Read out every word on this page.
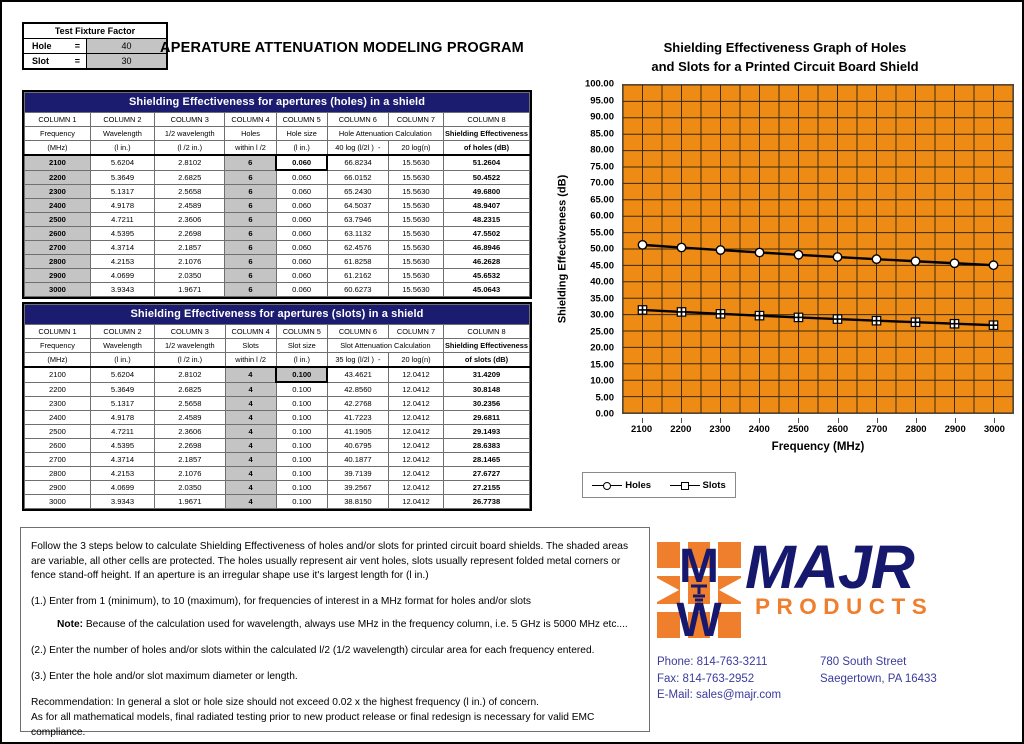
Test Fixture Factor
Hole	=	40
Slot	=	30
APERATURE ATTENUATION MODELING PROGRAM
Shielding Effectiveness for apertures (holes) in a shield							
COLUMN 1	COLUMN 2	COLUMN 3	COLUMN 4	COLUMN 5	COLUMN 6	COLUMN 7	COLUMN 8
Frequency	Wavelength	1/2 wavelength	Holes	Hole size	Hole Attenuation Calculation		Shielding Effectiveness
(MHz)	(l in.)	(l /2 in.)	within l /2	(l in.)	40 log (l/2l ) -	20 log(n)	of holes (dB)
2100	5.6204	2.8102	6	0.060	66.8234	15.5630	51.2604
2200	5.3649	2.6825	6	0.060	66.0152	15.5630	50.4522
2300	5.1317	2.5658	6	0.060	65.2430	15.5630	49.6800
2400	4.9178	2.4589	6	0.060	64.5037	15.5630	48.9407
2500	4.7211	2.3606	6	0.060	63.7946	15.5630	48.2315
2600	4.5395	2.2698	6	0.060	63.1132	15.5630	47.5502
2700	4.3714	2.1857	6	0.060	62.4576	15.5630	46.8946
2800	4.2153	2.1076	6	0.060	61.8258	15.5630	46.2628
2900	4.0699	2.0350	6	0.060	61.2162	15.5630	45.6532
3000	3.9343	1.9671	6	0.060	60.6273	15.5630	45.0643
Shielding Effectiveness for apertures (slots) in a shield							
COLUMN 1	COLUMN 2	COLUMN 3	COLUMN 4	COLUMN 5	COLUMN 6	COLUMN 7	COLUMN 8
Frequency	Wavelength	1/2 wavelength	Slots	Slot size	Slot Attenuation Calculation		Shielding Effectiveness
(MHz)	(l in.)	(l /2 in.)	within l /2	(l in.)	35 log (l/2l ) -	20 log(n)	of slots (dB)
2100	5.6204	2.8102	4	0.100	43.4621	12.0412	31.4209
2200	5.3649	2.6825	4	0.100	42.8560	12.0412	30.8148
2300	5.1317	2.5658	4	0.100	42.2768	12.0412	30.2356
2400	4.9178	2.4589	4	0.100	41.7223	12.0412	29.6811
2500	4.7211	2.3606	4	0.100	41.1905	12.0412	29.1493
2600	4.5395	2.2698	4	0.100	40.6795	12.0412	28.6383
2700	4.3714	2.1857	4	0.100	40.1877	12.0412	28.1465
2800	4.2153	2.1076	4	0.100	39.7139	12.0412	27.6727
2900	4.0699	2.0350	4	0.100	39.2567	12.0412	27.2155
3000	3.9343	1.9671	4	0.100	38.8150	12.0412	26.7738
Shielding Effectiveness Graph of Holes
and Slots for a Printed Circuit Board Shield
Shielding Effectiveness (dB)
100.00
95.00
90.00
85.00
80.00
75.00
70.00
65.00
60.00
55.00
50.00
45.00
40.00
35.00
30.00
25.00
20.00
15.00
10.00
5.00
0.00
2100 2200 2300 2400 2500 2600 2700 2800 2900 3000
Frequency (MHz)
Holes	Slots

Follow the 3 steps below to calculate Shielding Effectiveness of holes and/or slots for printed circuit board shields. The shaded areas are variable, all other cells are protected. The holes usually represent air vent holes, slots usually represent folded metal corners or fence stand-off height. If an aperture is an irregular shape use it's largest length for (l in.)

(1.) Enter from 1 (minimum), to 10 (maximum), for frequencies of interest in a MHz format for holes and/or slots

Note: Because of the calculation used for wavelength, always use MHz in the frequency column, i.e. 5 GHz is 5000 MHz etc....

(2.) Enter the number of holes and/or slots within the calculated l/2 (1/2 wavelength) circular area for each frequency entered.

(3.) Enter the hole and/or slot maximum diameter or length.

Recommendation: In general a slot or hole size should not exceed 0.02 x the highest frequency (l in.) of concern.

As for all mathematical models, final radiated testing prior to new product release or final redesign is necessary for valid EMC compliance.

M
W
MAJR
PRODUCTS
Phone: 814-763-3211
Fax: 814-763-2952
E-Mail: sales@majr.com
780 South Street
Saegertown, PA 16433
